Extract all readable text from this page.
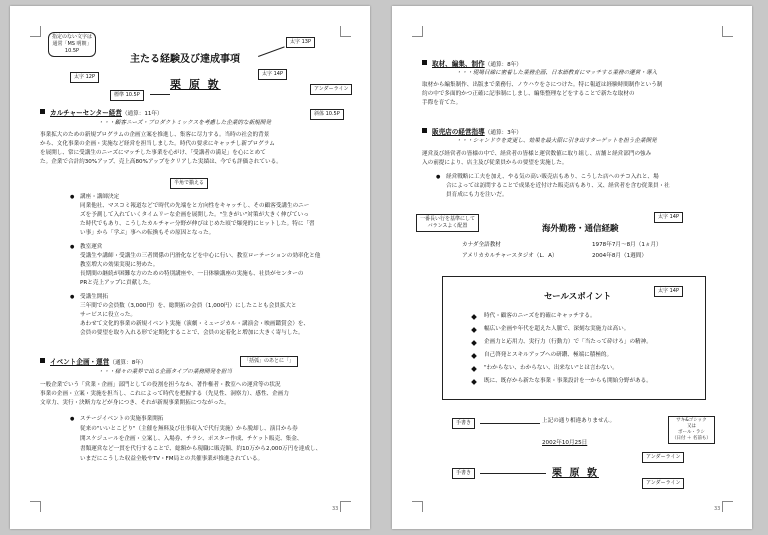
指定のない文字は
通常「MS 明朝」
10.5P
主たる経験及び達成事項
太字 13P
栗 原 敦
太字 14P
アンダーライン
太字 12P
標準 10.5P
カルチャーセンター経営（通算：11年）	斜体 10.5P
・・・顧客ニーズ・ブロダクトミックスを考慮した企業的な新規開発
事業拡大のための新規プログラムの企画立案を推進し、集客に尽力する。当時の社会的背景
から、文化事業の企画・実施など経営を担当しました。時代の要求にキャッチし新プログラム
を展開し、常に受講生のニーズにマッチした事業を心がけ、「受講者の満足」を心にとめて
た。企業で合計約30%アップ、売上高80%アップをクリアした実績は、今でも評価されている。
半角で揃える
● 講座・講師決定
同業他社、マスコミ報道などで時代の先端をと方向性をキャッチし、その顧客受講生のニー
ズを予測して入れていくタイムリーな企画を展開した。"生きがい"対策が大きく伸びていっ
た時代でもあり、こうしたカルチャー分野が伸びはじめた頃で爆発的にヒットした。特に「習
い事」から「学ぶ」事への転換もその原因となった。
● 教室運営
受講生や講師・受講生の三者関係の円滑化などを中心に行い、教室ローテーションの効率化と他
教室増大の効果実現に努めた。
長期間の継続が困難な方のための特別講座や、一日体験講座の実施も、社員がセンターの
PRと売上アップに貢献した。
● 受講生開拓
三年間での会員数（3,000円）を、総開拓の会員（1,000円）にしたことも会員拡大と
サービスに役立った。
あわせて文化的事業の新規イベント実施（演劇・ミュージカル・講演会・映画鑑賞会）を、
会員の要望を取り入れる形で定期化することで、会員の定着化と増加に大きく寄与した。
イベント企画・運営（通算：8年）	「括弧」のあとに「」
・・・様々の業界で出る企画タイプの業務開発を担当
一般企業でいう「営業・企画」部門としての役割を担うなか、著作権者・教室への運営等の状況
事業の企画・立案・実施を担当し、これによって時代を把握する（先見性、洞察力）、感性、企画力
文章力、実行・決断力などが身につき、それが新規事業開拓につながった。
● ステージイベントの実施事業開拓
従来の"いいとこどり"（主催を無料及び仕事収入で代行実施）から脱却し、演目から券
開スケジュールを企画・立案し、入場券、チラシ、ポスター作成、チケット販売、集金、
書類運営など一貫を代行することで、総額から現職に販売額、約10万から2,000万円を達成し、
いまだにこうした収益全般やTV・FM局との共催事業が推進されている。
33
取材、編集、制作（通算：8年）
・・・現場目線に密着した業務企画、日本語教育にマッチする業務の運営・導入
取材から編集制作、出版まで業務行、ノウハウをさにつけた。特に報道は経験時間制作という制
約の中で多面的かつ正確に記事制にしまし、編集整理などをすることで新たな取材の
手際を育てた。
販売店の経営指導（通算：3年）
・・・シャンドウを変更し、効果を最大限に引き出すターゲットを担う企業開発
運営及び経営者の皆様の中で、経営者の皆様と運営数値に取り組し、店舗と経営部門の強み
入の前提により、店主及び従業員からの要望を実施した。
● 経営戦略に工夫を加え、やる気の高い販売店もあり、こうした店へのテコ入れと、場
合によっては訪問することで成果を近付けた販売店もあり、又、経営者を含む従業員・社
員育成にも力を注いだ。
一番長い行を基準にして
バランスよく配置	海外勤務・通信経験
太字 14P
カナダ全語教材	1978年7月～8月（1ヵ月）
アメリカカルチャースタジオ（L．A）	2004年8月（1週間）
セールスポイント
太字 14P
時代・顧客のニーズを的確にキャッチする。
幅広い企画や年代を超えた人脈で、深刻な実施力は高い。
企画力と応用力、実行力（行動力）で「当たって砕けろ」の精神。
自己啓発とスキルアップへの研鑽、極端に積極的。
"わからない、わからない、出来ない"とは言わない。
既に、既存から新たな事業・事業設計を一からも開始分野がある。
上記の通り相違ありません。
手書き	サキ&ゴシック
又は
ボール・ラシ
（日付 ＋ 名前も）
2002年10月25日
アンダーライン
栗 原 敦
手書き
アンダーライン
33
